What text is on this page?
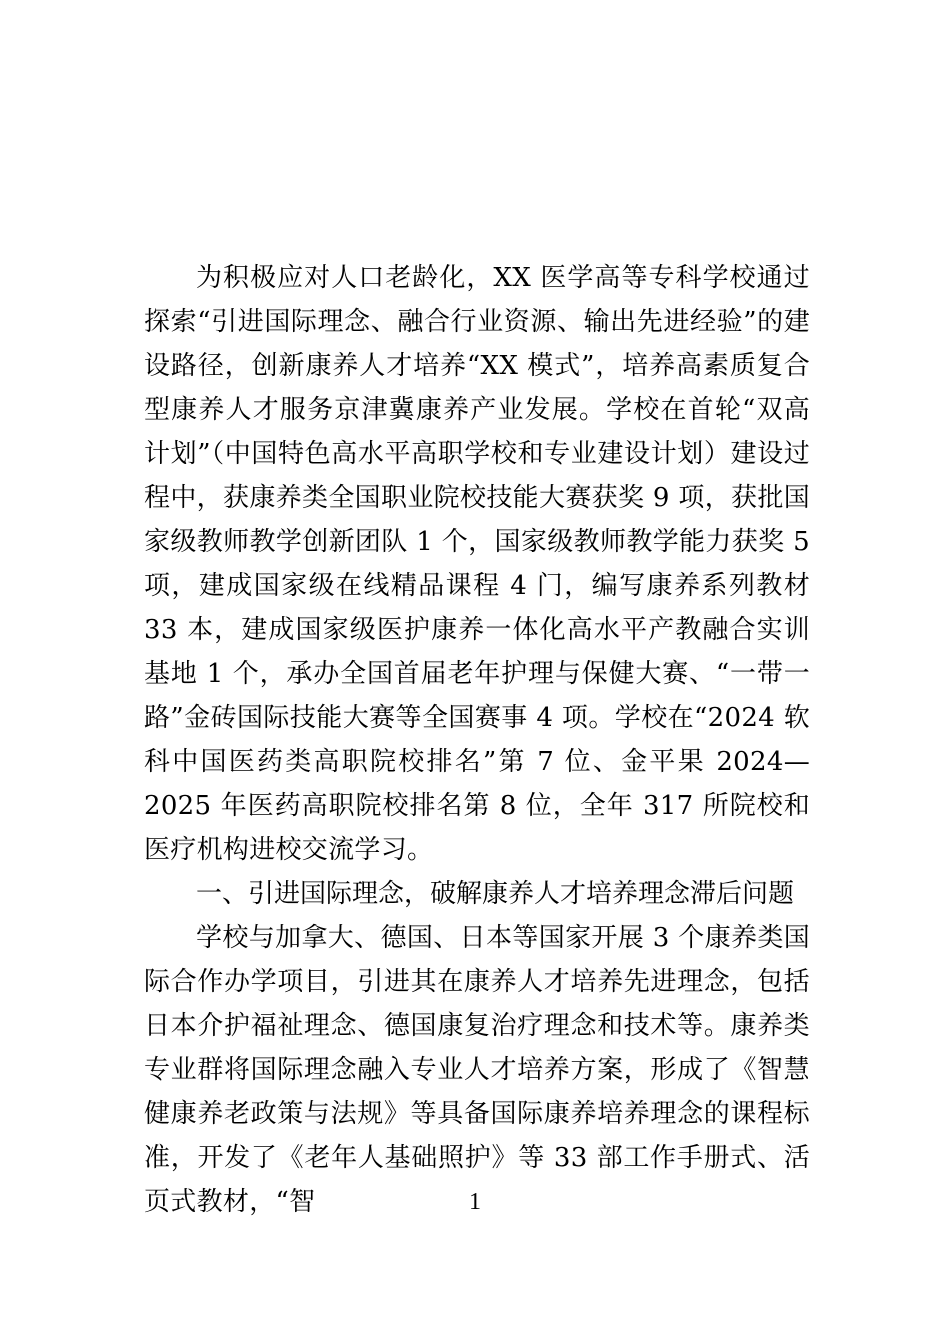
为积极应对人口老龄化，XX 医学高等专科学校通过探索“引进国际理念、融合行业资源、输出先进经验”的建设路径，创新康养人才培养“XX 模式”，培养高素质复合型康养人才服务京津冀康养产业发展。学校在首轮“双高计划”（中国特色高水平高职学校和专业建设计划）建设过程中，获康养类全国职业院校技能大赛获奖 9 项，获批国家级教师教学创新团队 1 个，国家级教师教学能力获奖 5 项，建成国家级在线精品课程 4 门，编写康养系列教材 33 本，建成国家级医护康养一体化高水平产教融合实训基地 1 个，承办全国首届老年护理与保健大赛、“一带一路”金砖国际技能大赛等全国赛事 4 项。学校在“2024 软科中国医药类高职院校排名”第 7 位、金平果 2024—2025 年医药高职院校排名第 8 位，全年 317 所院校和医疗机构进校交流学习。

一、引进国际理念，破解康养人才培养理念滞后问题

学校与加拿大、德国、日本等国家开展 3 个康养类国际合作办学项目，引进其在康养人才培养先进理念，包括日本介护福祉理念、德国康复治疗理念和技术等。康养类专业群将国际理念融入专业人才培养方案，形成了《智慧健康养老政策与法规》等具备国际康养培养理念的课程标准，开发了《老年人基础照护》等 33 部工作手册式、活页式教材，“智	1
